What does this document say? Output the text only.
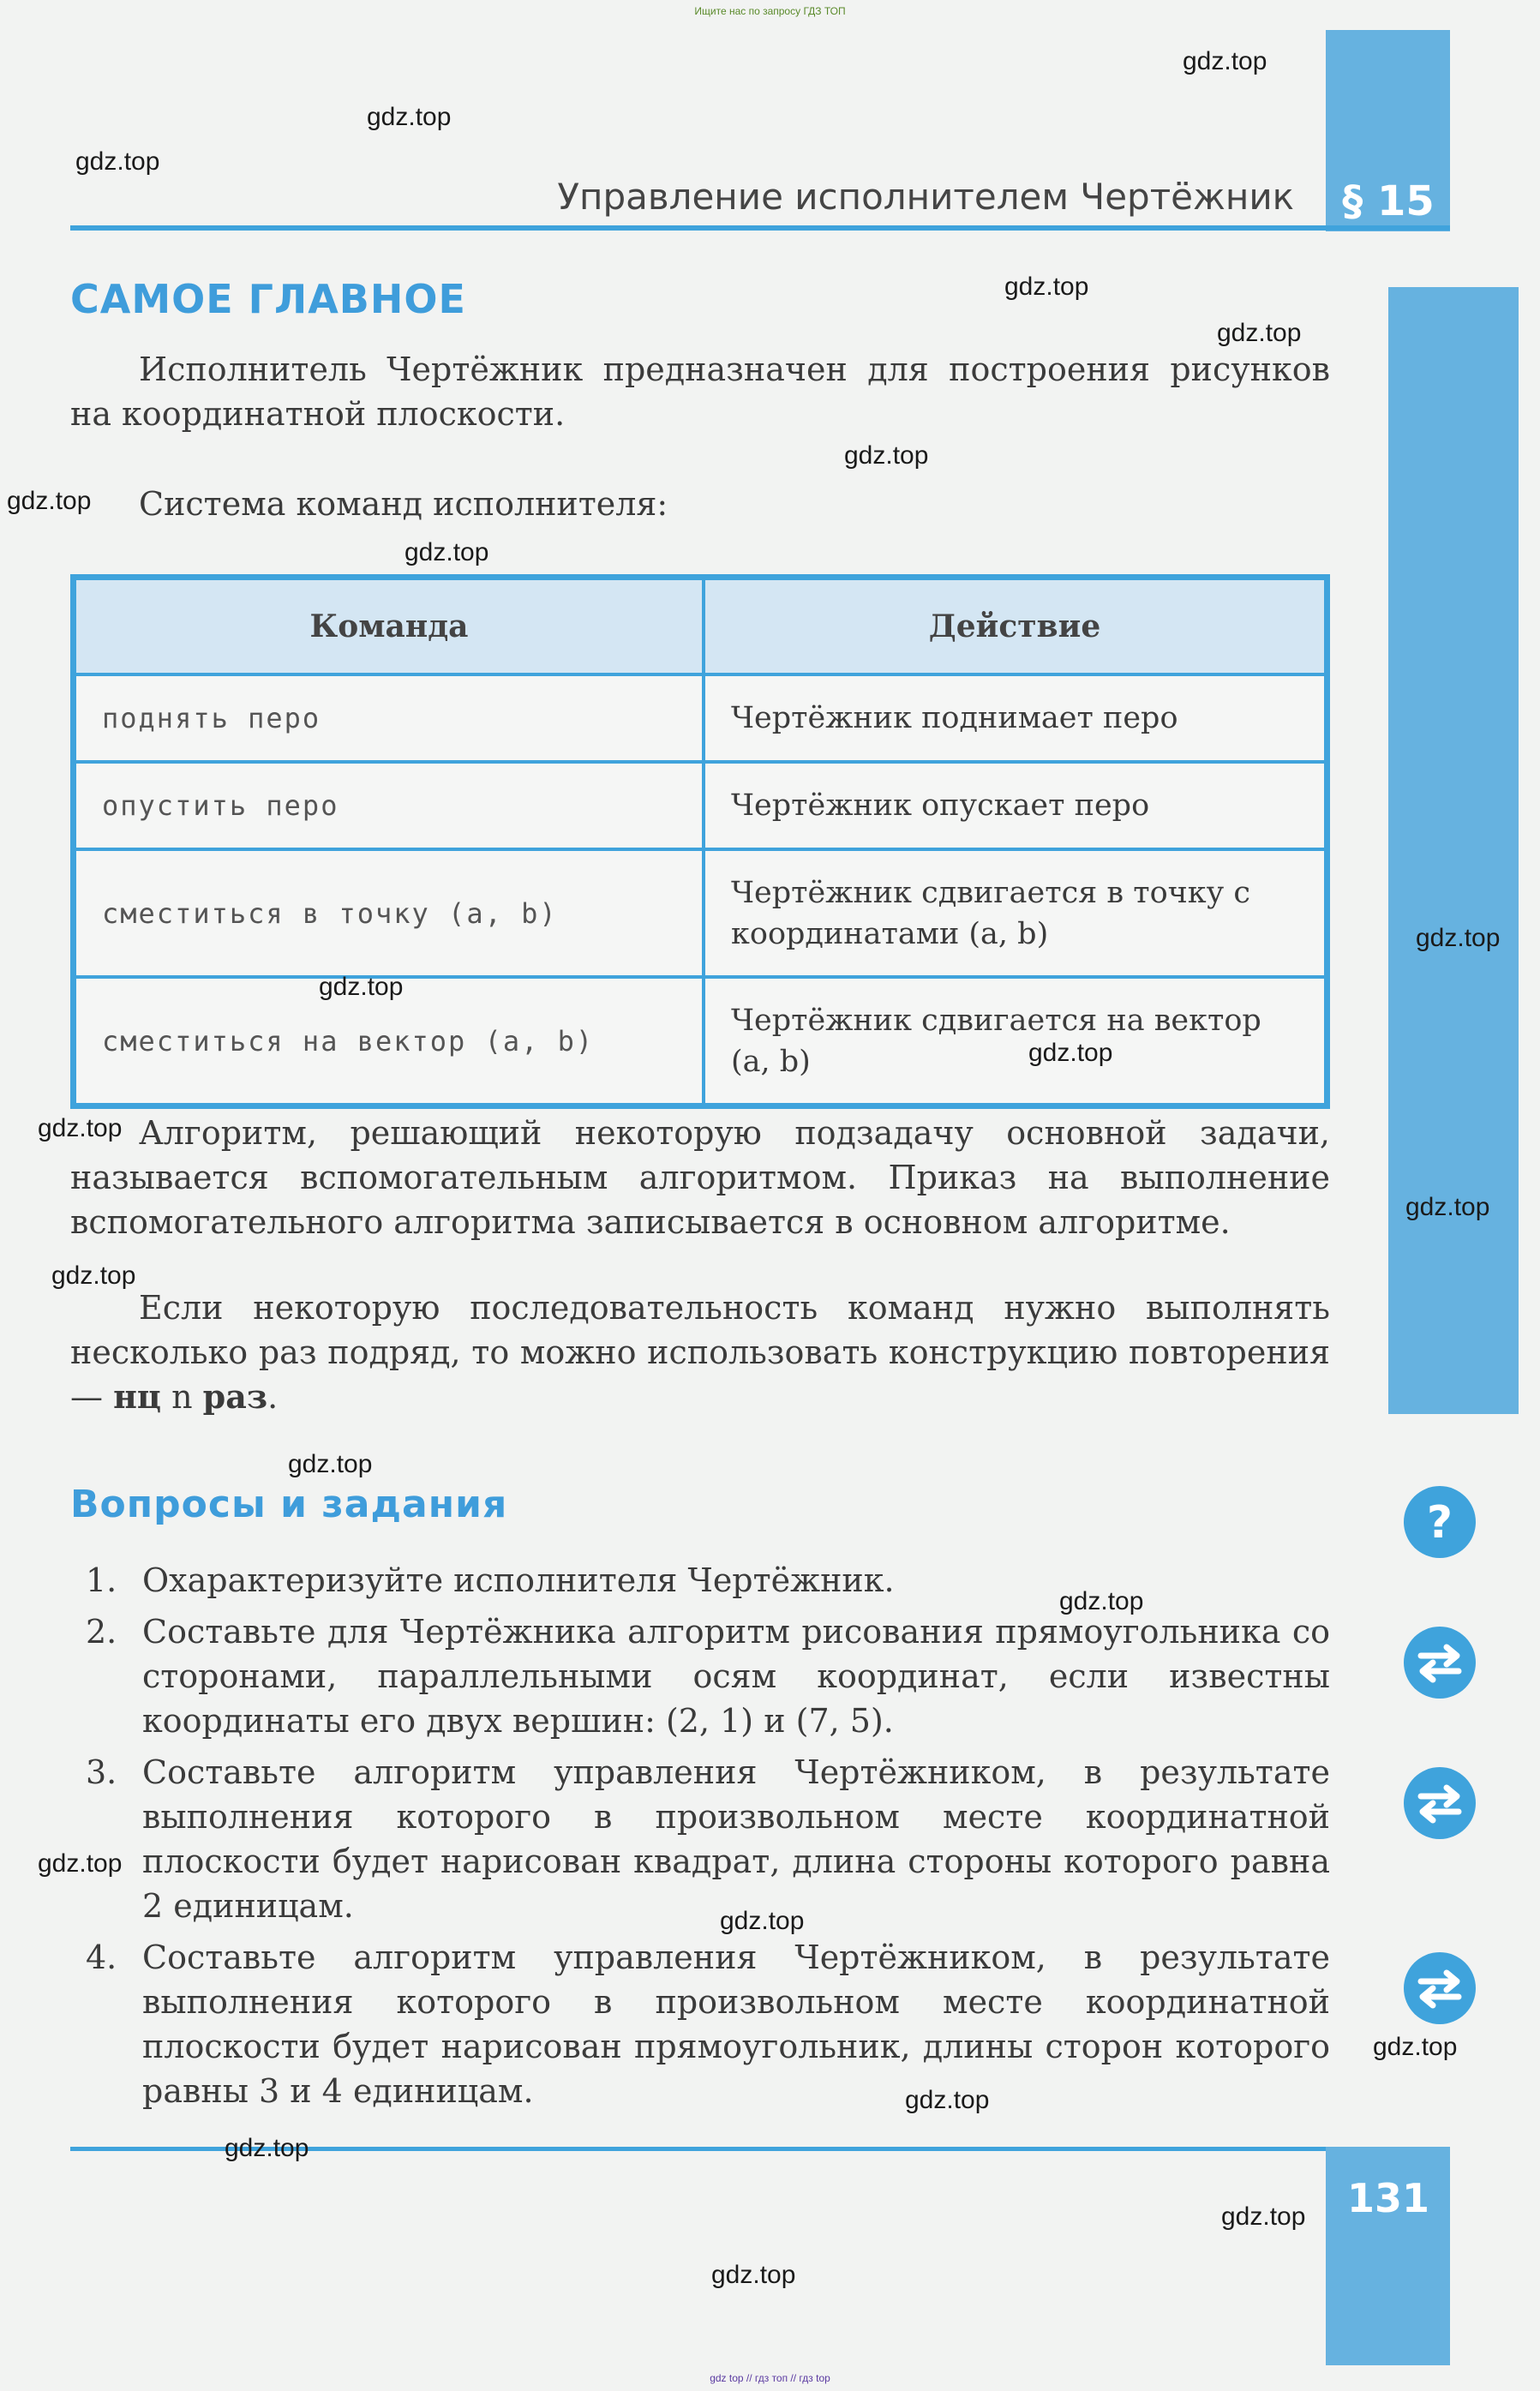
Ищите нас по запросу ГДЗ ТОП
§ 15
Управление исполнителем Чертёжник
САМОЕ ГЛАВНОЕ
Исполнитель Чертёжник предназначен для построения рисунков на координатной плоскости.
Система команд исполнителя:
Команда	Действие
поднять перо	Чертёжник поднимает перо
опустить перо	Чертёжник опускает перо
сместиться в точку (a, b)	Чертёжник сдвигается в точку с координатами (a, b)
сместиться на вектор (a, b)	Чертёжник сдвигается на вектор (a, b)
Алгоритм, решающий некоторую подзадачу основной задачи, называется вспомогательным алгоритмом. Приказ на выполнение вспомогательного алгоритма записывается в основном алгоритме.
Если некоторую последовательность команд нужно выполнять несколько раз подряд, то можно использовать конструкцию повторения — нц n раз.
Вопросы и задания
1. Охарактеризуйте исполнителя Чертёжник.
2. Составьте для Чертёжника алгоритм рисования прямоугольника со сторонами, параллельными осям координат, если известны координаты его двух вершин: (2, 1) и (7, 5).
3. Составьте алгоритм управления Чертёжником, в результате выполнения которого в произвольном месте координатной плоскости будет нарисован квадрат, длина стороны которого равна 2 единицам.
4. Составьте алгоритм управления Чертёжником, в результате выполнения которого в произвольном месте координатной плоскости будет нарисован прямоугольник, длины сторон которого равны 3 и 4 единицам.
?
131
gdz.top
gdz.top
gdz.top
gdz.top
gdz.top
gdz.top
gdz.top
gdz.top
gdz.top
gdz.top
gdz.top
gdz.top
gdz.top
gdz.top
gdz.top
gdz.top
gdz.top
gdz.top
gdz.top
gdz.top
gdz.top
gdz.top
gdz.top
gdz top // гдз топ // гдз top
